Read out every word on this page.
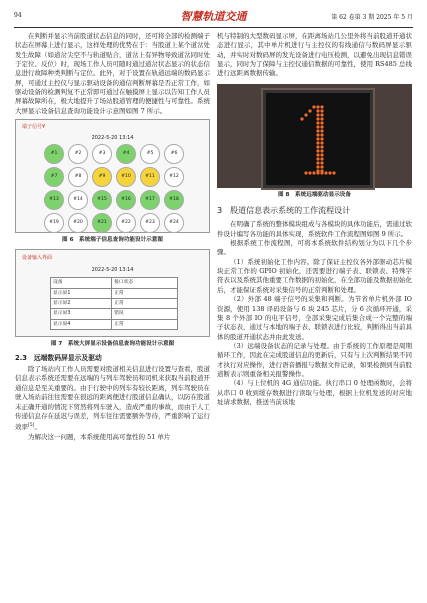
94	智慧轨道交通	第 62 卷第 3 期 2025 年 5 月

在判断并显示当前股道状态信息的同时，还可将全部的检测端子状态在屏幕上进行显示，这样处理的优势在于：当股道上某个道岔处发生故障（如道岔尖空不与轨道贴合，道岔上有异物导致道岔同时处于定位、反位）时，现场工作人员可随时通过道岔状态显示的状态信息进行故障种类判断与定位。此外，对于设置在轨道远端的数码显示屏，可通过主控仪与显示驱动设备的通信判断屏幕是否正常工作，如驱动设备的检测判复不正常即可通过在触摸屏上显示以告知工作人员屏幕故障所在，极大地提升了场站股道管理的便捷性与可靠性。系统大屏显示设备信息查询功能设计示意图如图 7 所示。

端子信号¥
2022-5-20 13:14
#1	#2	#3	#4	#5	#6
#7	#8	#9	#10	#11	#12
#13	#14	#15	#16	#17	#18
#19	#20	#21	#22	#23	#24
图 6　系统端子信息查询功能设计示意图
设备输入界面
2022-5-20 13:14
设备	接口状态
显示屏1	正常
显示屏2	正常
显示屏3	错误
显示屏4	正常
图 7　系统大屏显示设备信息查询功能设计示意图
2.3　远端数码屏显示及驱动

除了场站内工作人员需要对股道相关信息进行设置与查看，股道信息表示系统还需要在远端的与列车驾驶员和司机来获取当前股道开通信息是至关重要的。由于行驶中的列车有较长距离，列车驾驶员在驶入场站前往往需要在很远的距离便进行股道信息确认，以防在股道未正确开通的情况下贸然将列车驶入，造成严重的事故，而由于人工传递信息存在延迟与误差，列车往往需要额外等待，严重影响了运行效率[5]。

为解决这一问题，本系统使用高可靠性的 51 单片

机与特制的大型数码显示屏，在距离场站几公里外将当前股道开通状态进行显示，其中单片机进行与主控仪的有线通信与数码屏显示驱动，并实时对数码屏的发光设备进行电压检测，以避免出现信息错误显示，同时为了保障与主控仪通信数据的可靠性，使用 RS485 总线进行远距离数据传输。

图 8　系统远端驱动显示设备
3　股道信息表示系统的工作流程设计

在明确了系统的整体模块组成与各模块的具体功能后，需通过软件设计编写各功能的具体实现，系统软件工作流程图如图 9 所示。

根据系统工作流程图，可将本系统软件结构划分为以下几个步骤。

（1）系统初始化工作内容。除了保证主控仪各外部驱动芯片模块正常工作的 GPIO 初始化，还需要进行端子表、联锁表、特殊字符表以及系统其他重要工作数据的初始化，在全部功能及数据初始化后，才能保证系统对采集信号的正常判断和处理。

（2）外部 48 端子信号的采集和判断。为节省单片机外部 IO 资源，使用 138 译码设备与 6 块 245 芯片，分 6 次循环开通，采集 8 个外部 IO 的电平信号，全部采集完成后集合成一个完整的端子状态表，通过与本地的端子表、联锁表进行比较，判断得出当前具体的股道开通状态并由此发送。

（3）远端设备状态的记录与处理。由于系统的工作原理是周期循环工作，因此在完成股道信息的更新后，只有与上次判断结果不同才执行对应操作，进行语音播报与数据文件记录，如果检测到当前股道断表示则重备相关报警操作。

（4）与上位机的 4G 通信功能。执行串口 0 处理函数时，会将从串口 0 收到缓存数据进行读取与处理，根据上位机发送的对应地址请求数据，推送当前该地
